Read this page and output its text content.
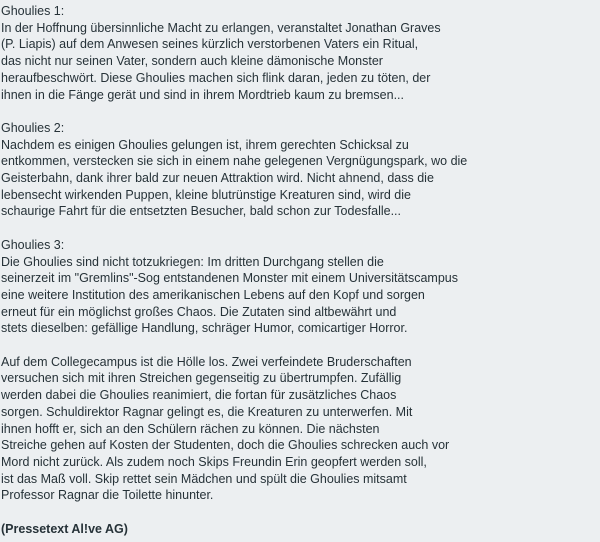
Ghoulies 1:
In der Hoffnung übersinnliche Macht zu erlangen, veranstaltet Jonathan Graves
(P. Liapis) auf dem Anwesen seines kürzlich verstorbenen Vaters ein Ritual,
das nicht nur seinen Vater, sondern auch kleine dämonische Monster
heraufbeschwört. Diese Ghoulies machen sich flink daran, jeden zu töten, der
ihnen in die Fänge gerät und sind in ihrem Mordtrieb kaum zu bremsen...
Ghoulies 2:
Nachdem es einigen Ghoulies gelungen ist, ihrem gerechten Schicksal zu
entkommen, verstecken sie sich in einem nahe gelegenen Vergnügungspark, wo die
Geisterbahn, dank ihrer bald zur neuen Attraktion wird. Nicht ahnend, dass die
lebensecht wirkenden Puppen, kleine blutrünstige Kreaturen sind, wird die
schaurige Fahrt für die entsetzten Besucher, bald schon zur Todesfalle...
Ghoulies 3:
Die Ghoulies sind nicht totzukriegen: Im dritten Durchgang stellen die
seinerzeit im "Gremlins"-Sog entstandenen Monster mit einem Universitätscampus
eine weitere Institution des amerikanischen Lebens auf den Kopf und sorgen
erneut für ein möglichst großes Chaos. Die Zutaten sind altbewährt und
stets dieselben: gefällige Handlung, schräger Humor, comicartiger Horror.
Auf dem Collegecampus ist die Hölle los. Zwei verfeindete Bruderschaften
versuchen sich mit ihren Streichen gegenseitig zu übertrumpfen. Zufällig
werden dabei die Ghoulies reanimiert, die fortan für zusätzliches Chaos
sorgen. Schuldirektor Ragnar gelingt es, die Kreaturen zu unterwerfen. Mit
ihnen hofft er, sich an den Schülern rächen zu können. Die nächsten
Streiche gehen auf Kosten der Studenten, doch die Ghoulies schrecken auch vor
Mord nicht zurück. Als zudem noch Skips Freundin Erin geopfert werden soll,
ist das Maß voll. Skip rettet sein Mädchen und spült die Ghoulies mitsamt
Professor Ragnar die Toilette hinunter.
(Pressetext Al!ve AG)
